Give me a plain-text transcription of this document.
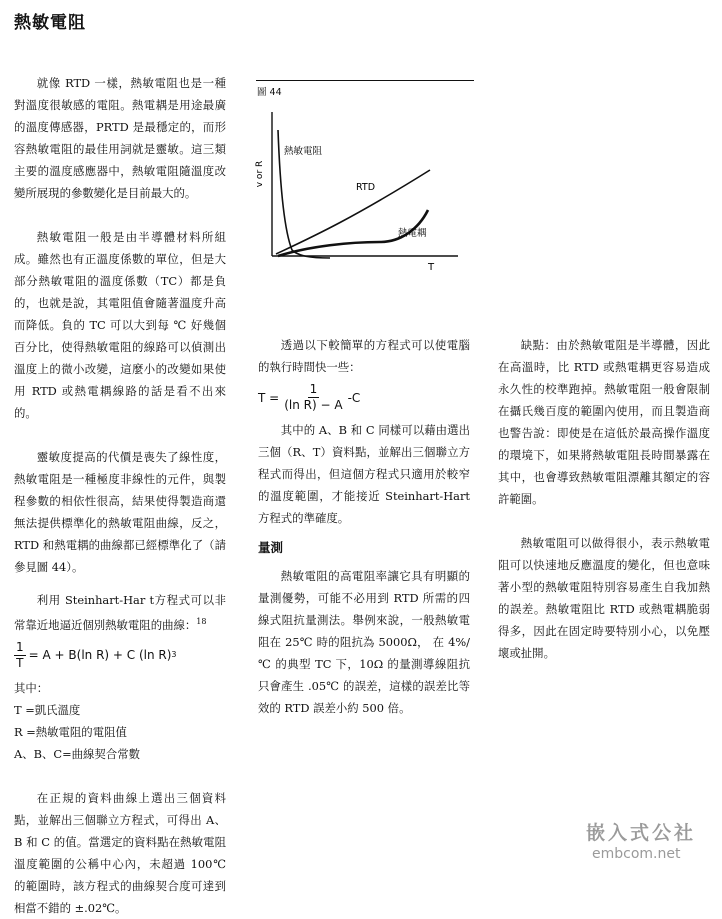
熱敏電阻

就像 RTD 一樣，熱敏電阻也是一種對溫度很敏感的電阻。熱電耦是用途最廣的溫度傳感器，PRTD 是最穩定的，而形容熱敏電阻的最佳用詞就是靈敏。這三類主要的溫度感應器中，熱敏電阻隨溫度改變所展現的參數變化是目前最大的。

熱敏電阻一般是由半導體材料所組成。雖然也有正溫度係數的單位，但是大部分熱敏電阻的溫度係數（TC）都是負的，也就是說，其電阻值會隨著溫度升高而降低。負的 TC 可以大到每 ℃ 好幾個百分比，使得熱敏電阻的線路可以偵測出溫度上的微小改變，這麼小的改變如果使用 RTD 或熱電耦線路的話是看不出來的。

靈敏度提高的代價是喪失了線性度，熱敏電阻是一種極度非線性的元件，與製程參數的相依性很高，結果使得製造商還無法提供標準化的熱敏電阻曲線，反之，RTD 和熱電耦的曲線都已經標準化了（請參見圖 44）。

利用 Steinhart-Har t方程式可以非常靠近地逼近個別熱敏電阻的曲線：$^{18}$

$\frac{1}{T} = A + B(\ln$ R) + C (ln R) 3

其中：

T =凱氏溫度

R =熱敏電阻的電阻值

A、B、C=曲線契合常數

在正規的資料曲線上選出三個資料點，並解出三個聯立方程式，可得出 A、B 和 C 的值。當選定的資料點在熱敏電阻溫度範圍的公稱中心內，未超過 100℃ 的範圍時，該方程式的曲線契合度可達到相當不錯的 ±.02℃。

圖 44
v or R
T
熱敏電阻
RTD
熱電耦

透過以下較簡單的方程式可以使電腦的執行時間快一些：

$T = \frac{1}{\text{(ln R) − A}} -C$

其中的 A、B 和 C 同樣可以藉由選出三個（R、T）資料點，並解出三個聯立方程式而得出，但這個方程式只適用於較窄的溫度範圍，才能接近 Steinhart-Hart 方程式的準確度。

量測

熱敏電阻的高電阻率讓它具有明顯的量測優勢，可能不必用到 RTD 所需的四線式阻抗量測法。舉例來說，一般熱敏電阻在 25℃ 時的阻抗為 5000Ω， 在 4%/℃ 的典型 TC 下，10Ω 的量測導線阻抗只會產生 .05℃ 的誤差，這樣的誤差比等效的 RTD 誤差小約 500 倍。

缺點：由於熱敏電阻是半導體，因此在高溫時，比 RTD 或熱電耦更容易造成永久性的校準跑掉。熱敏電阻一般會限制在攝氏幾百度的範圍內使用，而且製造商也警告說：即使是在這低於最高操作溫度的環境下，如果將熱敏電阻長時間暴露在其中，也會導致熱敏電阻漂離其額定的容許範圍。

熱敏電阻可以做得很小，表示熱敏電阻可以快速地反應溫度的變化，但也意味著小型的熱敏電阻特別容易產生自我加熱的誤差。熱敏電阻比 RTD 或熱電耦脆弱得多，因此在固定時要特別小心，以免壓壞或扯開。

嵌入式公社
embcom.net
